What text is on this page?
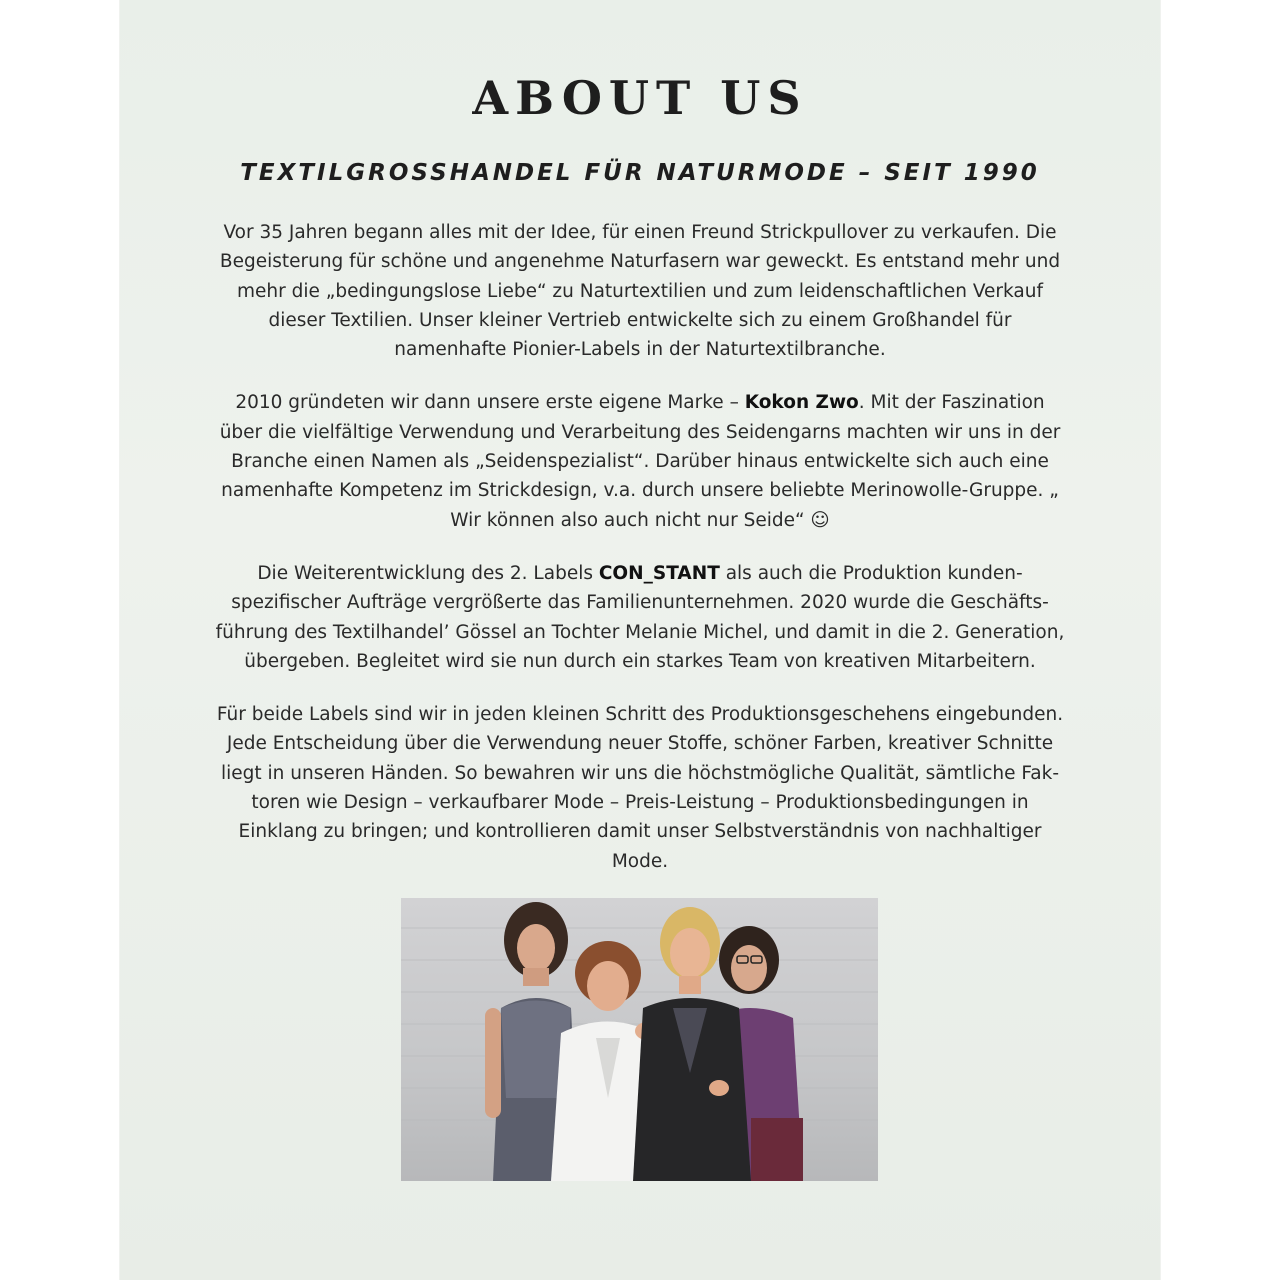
ABOUT US
TEXTILGROSSHANDEL FÜR NATURMODE – SEIT 1990

Vor 35 Jahren begann alles mit der Idee, für einen Freund Strickpullover zu verkaufen. Die Begeisterung für schöne und angenehme Naturfasern war geweckt. Es entstand mehr und mehr die „bedingungslose Liebe“ zu Naturtextilien und zum leidenschaftlichen Verkauf dieser Textilien. Unser kleiner Vertrieb entwickelte sich zu einem Großhandel für namenhafte Pionier-Labels in der Naturtextilbranche.

2010 gründeten wir dann unsere erste eigene Marke – Kokon Zwo. Mit der Faszination über die vielfältige Verwendung und Verarbeitung des Seidengarns machten wir uns in der Branche einen Namen als „Seidenspezialist“. Darüber hinaus entwickelte sich auch eine namenhafte Kompetenz im Strickdesign, v.a. durch unsere beliebte Merinowolle-Gruppe. „ Wir können also auch nicht nur Seide“ ☺

Die Weiterentwicklung des 2. Labels CON_STANT als auch die Produktion kundenspezifischer Aufträge vergrößerte das Familienunternehmen. 2020 wurde die Geschäftsführung des Textilhandel’ Gössel an Tochter Melanie Michel, und damit in die 2. Generation, übergeben. Begleitet wird sie nun durch ein starkes Team von kreativen Mitarbeitern.

Für beide Labels sind wir in jeden kleinen Schritt des Produktionsgeschehens eingebunden. Jede Entscheidung über die Verwendung neuer Stoffe, schöner Farben, kreativer Schnitte liegt in unseren Händen. So bewahren wir uns die höchstmögliche Qualität, sämtliche Faktoren wie Design – verkaufbarer Mode – Preis-Leistung – Produktionsbedingungen in Einklang zu bringen; und kontrollieren damit unser Selbstverständnis von nachhaltiger Mode.
